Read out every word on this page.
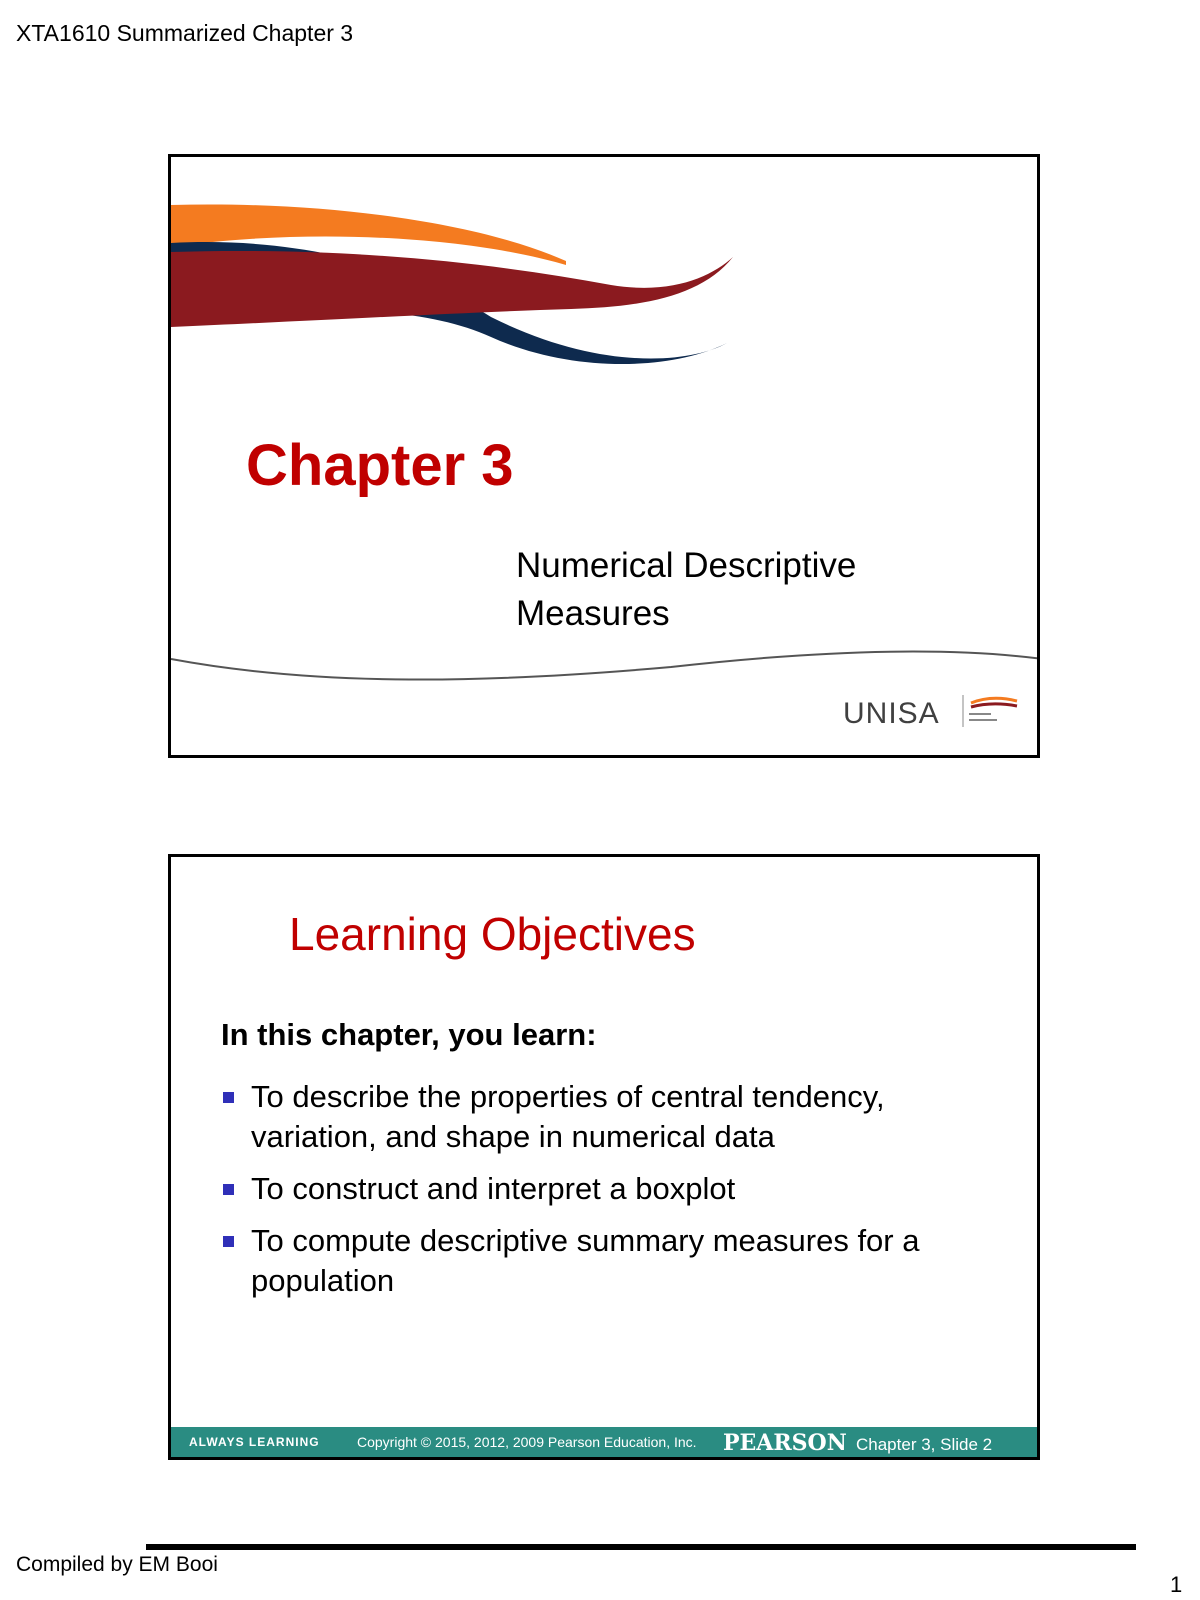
XTA1610 Summarized Chapter 3
Chapter 3
Numerical Descriptive
Measures
UNISA
Learning Objectives
In this chapter, you learn:
To describe the properties of central tendency, variation, and shape in numerical data
To construct and interpret a boxplot
To compute descriptive summary measures for a population
ALWAYS LEARNING	Copyright © 2015, 2012, 2009 Pearson Education, Inc. PEARSON Chapter 3, Slide 2
Compiled by EM Booi
1
